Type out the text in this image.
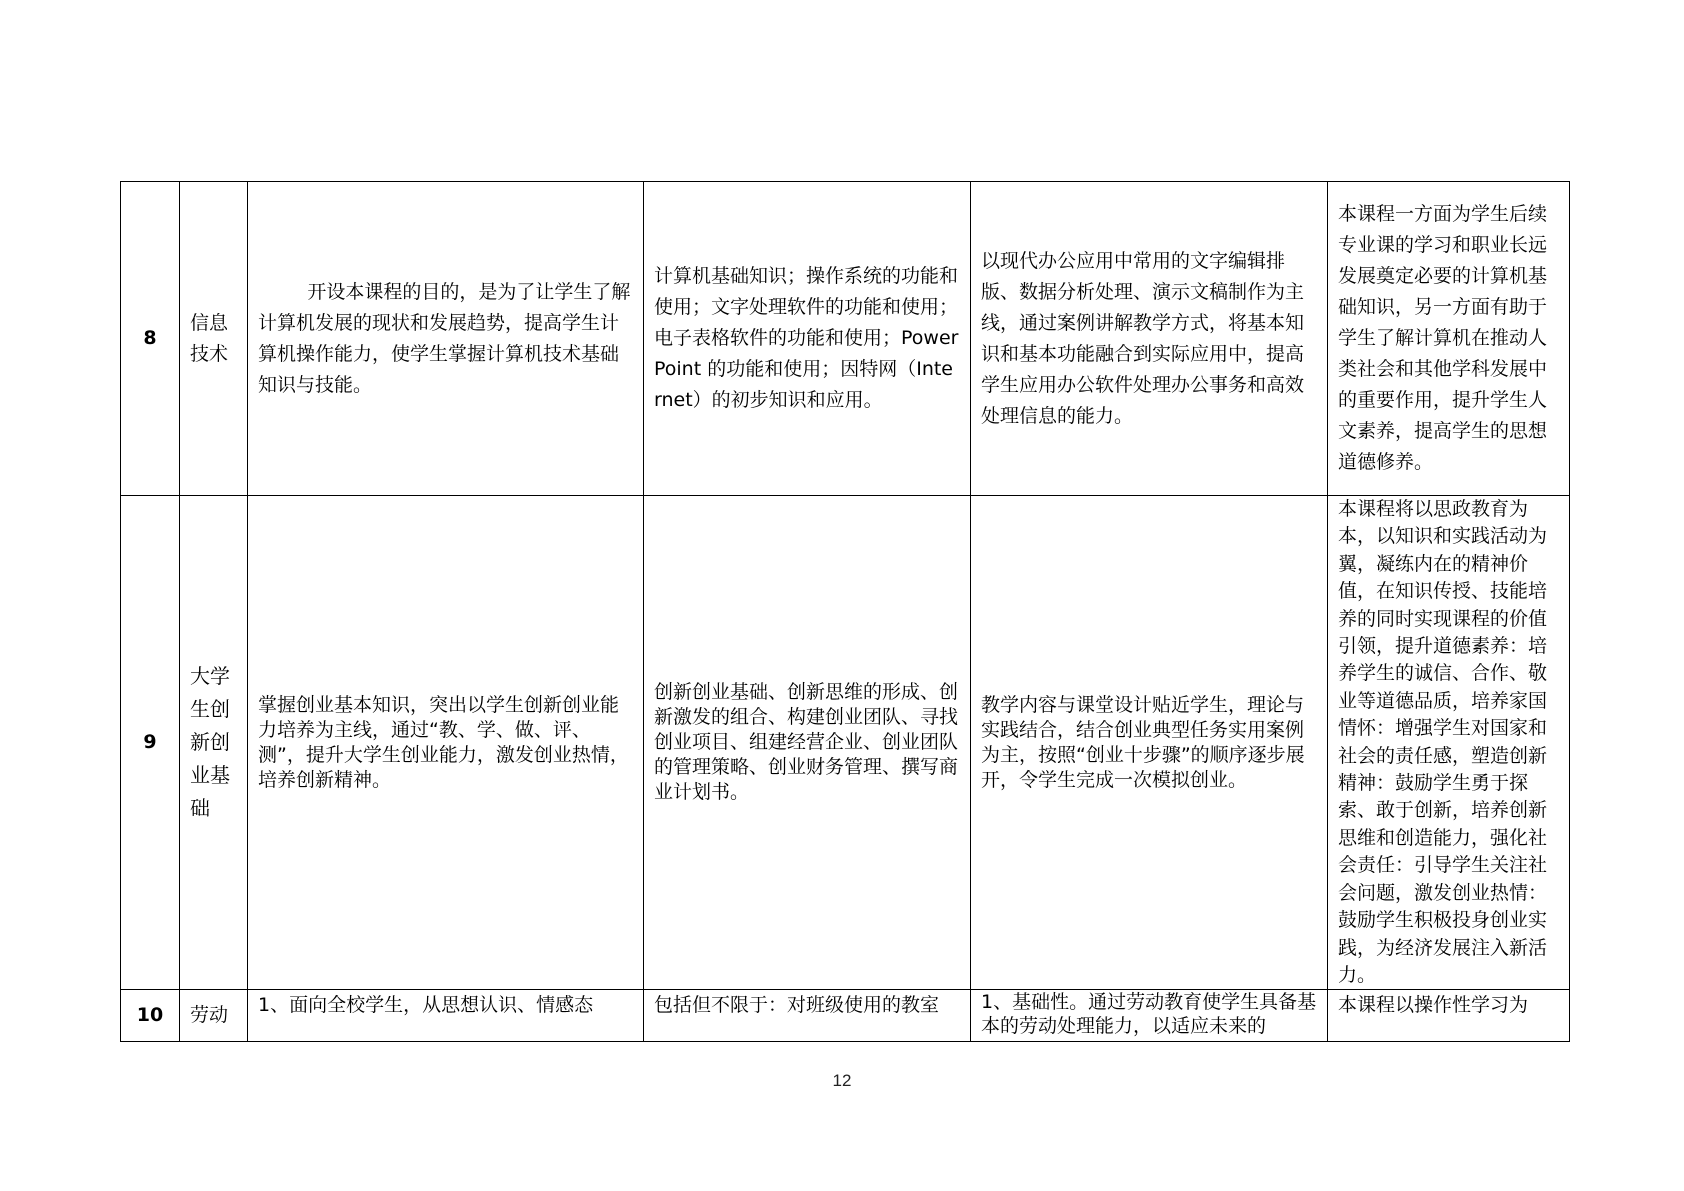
8	信息技术	开设本课程的目的，是为了让学生了解计算机发展的现状和发展趋势，提高学生计算机操作能力，使学生掌握计算机技术基础知识与技能。	计算机基础知识；操作系统的功能和使用；文字处理软件的功能和使用；电子表格软件的功能和使用；PowerPoint 的功能和使用；因特网（Internet）的初步知识和应用。	以现代办公应用中常用的文字编辑排版、数据分析处理、演示文稿制作为主线，通过案例讲解教学方式，将基本知识和基本功能融合到实际应用中，提高学生应用办公软件处理办公事务和高效处理信息的能力。	本课程一方面为学生后续专业课的学习和职业长远发展奠定必要的计算机基础知识，另一方面有助于学生了解计算机在推动人类社会和其他学科发展中的重要作用，提升学生人文素养，提高学生的思想道德修养。
9	大学生创新创业基础	掌握创业基本知识，突出以学生创新创业能力培养为主线，通过“教、学、做、评、测”，提升大学生创业能力，激发创业热情，培养创新精神。	创新创业基础、创新思维的形成、创新激发的组合、构建创业团队、寻找创业项目、组建经营企业、创业团队的管理策略、创业财务管理、撰写商业计划书。	教学内容与课堂设计贴近学生，理论与实践结合，结合创业典型任务实用案例为主，按照“创业十步骤”的顺序逐步展开，令学生完成一次模拟创业。	本课程将以思政教育为本，以知识和实践活动为翼，凝练内在的精神价值，在知识传授、技能培养的同时实现课程的价值引领，提升道德素养：培养学生的诚信、合作、敬业等道德品质，培养家国情怀：增强学生对国家和社会的责任感，塑造创新精神：鼓励学生勇于探索、敢于创新，培养创新思维和创造能力，强化社会责任：引导学生关注社会问题，激发创业热情：鼓励学生积极投身创业实践，为经济发展注入新活力。
10	劳动	1、面向全校学生，从思想认识、情感态	包括但不限于：对班级使用的教室	1、基础性。通过劳动教育使学生具备基本的劳动处理能力，以适应未来的	本课程以操作性学习为
12
